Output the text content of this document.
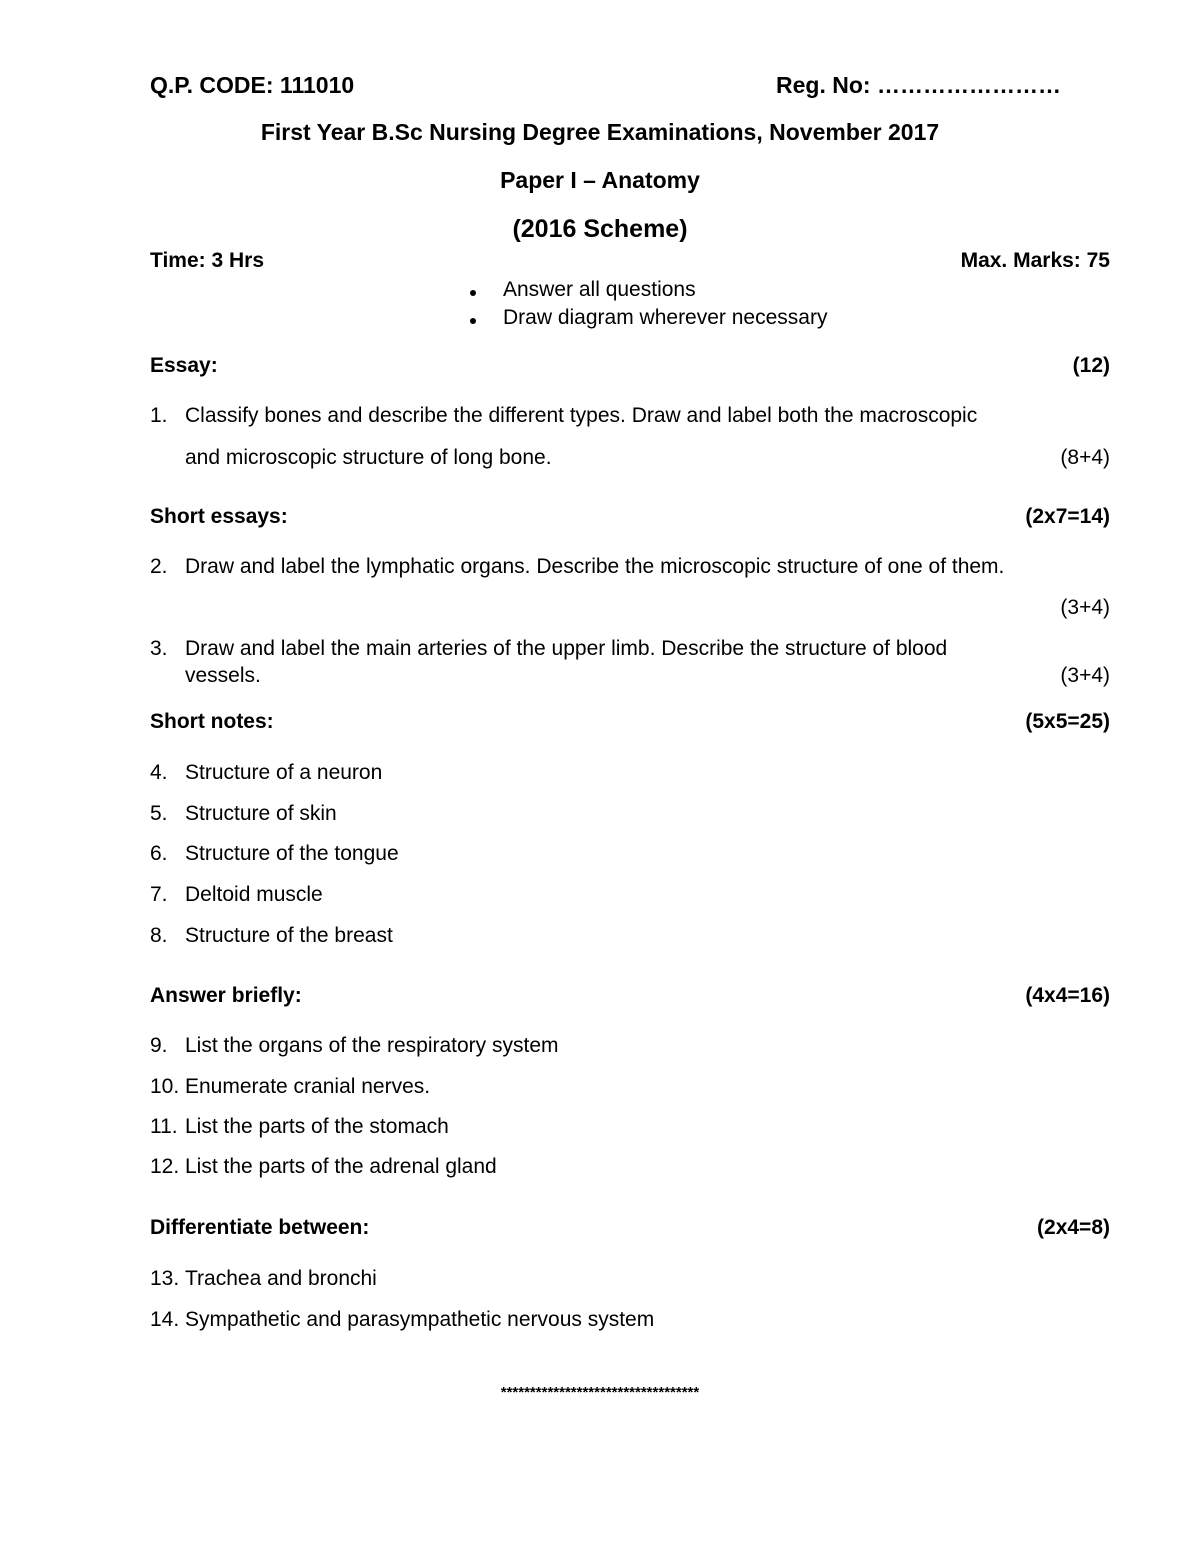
Q.P. CODE: 111010	Reg. No: ……………………
First Year B.Sc Nursing Degree Examinations, November 2017
Paper I – Anatomy
(2016 Scheme)
Time: 3 Hrs	Max. Marks: 75
Answer all questions
Draw diagram wherever necessary
Essay:	(12)
1. Classify bones and describe the different types. Draw and label both the macroscopic
and microscopic structure of long bone.	(8+4)
Short essays:	(2x7=14)
2. Draw and label the lymphatic organs. Describe the microscopic structure of one of them.
(3+4)
3. Draw and label the main arteries of the upper limb. Describe the structure of blood
vessels.	(3+4)
Short notes:	(5x5=25)
4. Structure of a neuron
5. Structure of skin
6. Structure of the tongue
7. Deltoid muscle
8. Structure of the breast
Answer briefly:	(4x4=16)
9. List the organs of the respiratory system
10. Enumerate cranial nerves.
11. List the parts of the stomach
12. List the parts of the adrenal gland
Differentiate between:	(2x4=8)
13. Trachea and bronchi
14. Sympathetic and parasympathetic nervous system
**********************************
